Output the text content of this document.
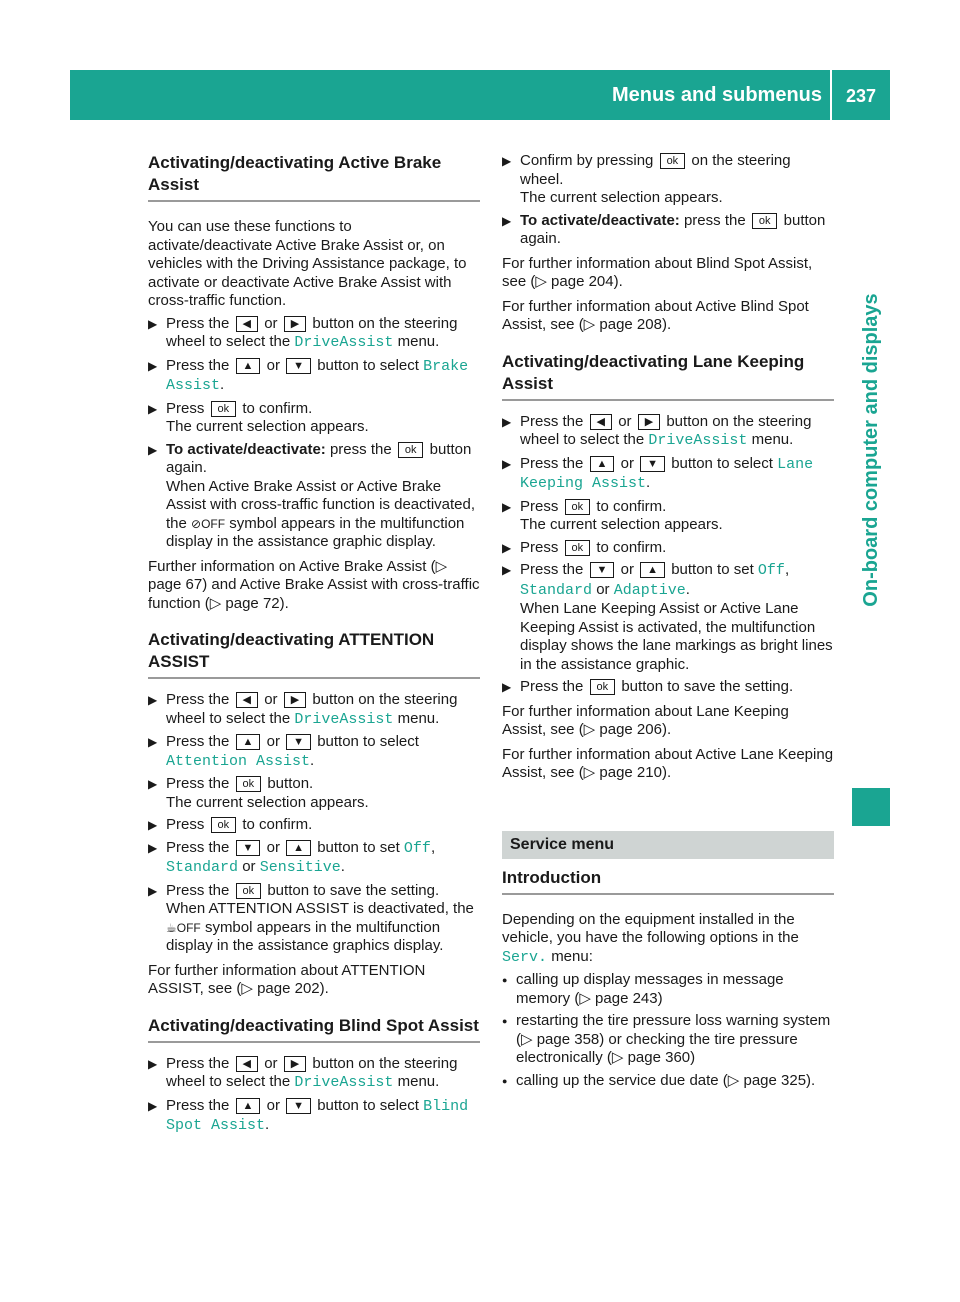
Menus and submenus	237
On-board computer and displays
Activating/deactivating Active Brake Assist

You can use these functions to activate/deactivate Active Brake Assist or, on vehicles with the Driving Assistance package, to activate or deactivate Active Brake Assist with cross-traffic function.

▶ Press the ◀ or ▶ button on the steering wheel to select the DriveAssist menu.
▶ Press the ▲ or ▼ button to select Brake Assist.
▶ Press ok to confirm.
The current selection appears.
▶ To activate/deactivate: press the ok button again.
When Active Brake Assist or Active Brake Assist with cross-traffic function is deactivated, the ⊘OFF symbol appears in the multifunction display in the assistance graphic display.

Further information on Active Brake Assist (▷ page 67) and Active Brake Assist with cross-traffic function (▷ page 72).

Activating/deactivating ATTENTION ASSIST
▶ Press the ◀ or ▶ button on the steering wheel to select the DriveAssist menu.
▶ Press the ▲ or ▼ button to select Attention Assist.
▶ Press the ok button.
The current selection appears.
▶ Press ok to confirm.
▶ Press the ▼ or ▲ button to set Off, Standard or Sensitive.
▶ Press the ok button to save the setting.
When ATTENTION ASSIST is deactivated, the ☕OFF symbol appears in the multifunction display in the assistance graphics display.

For further information about ATTENTION ASSIST, see (▷ page 202).

Activating/deactivating Blind Spot Assist
▶ Press the ◀ or ▶ button on the steering wheel to select the DriveAssist menu.
▶ Press the ▲ or ▼ button to select Blind Spot Assist.
▶ Confirm by pressing ok on the steering wheel.
The current selection appears.
▶ To activate/deactivate: press the ok button again.

For further information about Blind Spot Assist, see (▷ page 204).

For further information about Active Blind Spot Assist, see (▷ page 208).

Activating/deactivating Lane Keeping Assist
▶ Press the ◀ or ▶ button on the steering wheel to select the DriveAssist menu.
▶ Press the ▲ or ▼ button to select Lane Keeping Assist.
▶ Press ok to confirm.
The current selection appears.
▶ Press ok to confirm.
▶ Press the ▼ or ▲ button to set Off, Standard or Adaptive.
When Lane Keeping Assist or Active Lane Keeping Assist is activated, the multifunction display shows the lane markings as bright lines in the assistance graphic.
▶ Press the ok button to save the setting.

For further information about Lane Keeping Assist, see (▷ page 206).

For further information about Active Lane Keeping Assist, see (▷ page 210).

Service menu
Introduction

Depending on the equipment installed in the vehicle, you have the following options in the Serv. menu:

● calling up display messages in message memory (▷ page 243)
● restarting the tire pressure loss warning system (▷ page 358) or checking the tire pressure electronically (▷ page 360)
● calling up the service due date (▷ page 325).
